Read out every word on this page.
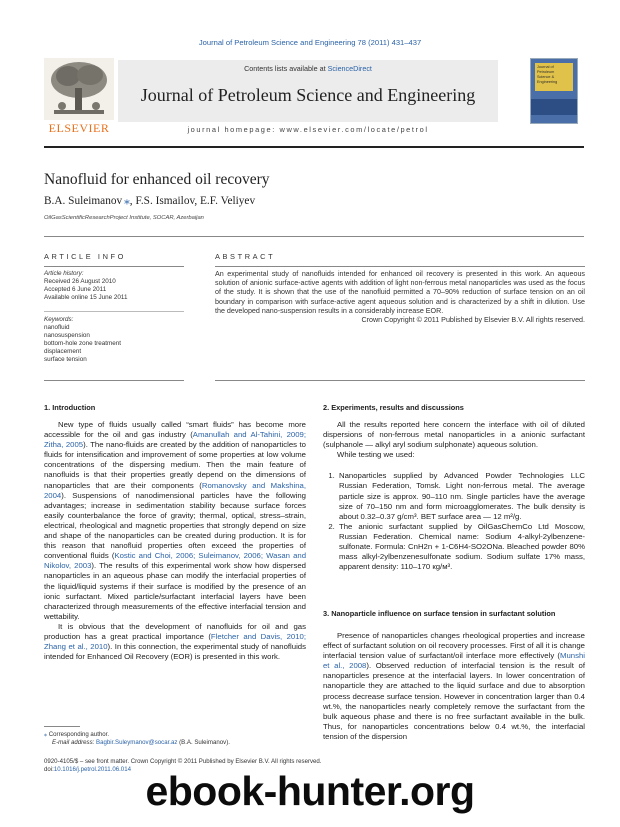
Journal of Petroleum Science and Engineering 78 (2011) 431–437
Contents lists available at ScienceDirect
Journal of Petroleum Science and Engineering
journal homepage: www.elsevier.com/locate/petrol
ELSEVIER
Journal of
Petroleum
Science &
Engineering
Nanofluid for enhanced oil recovery
B.A. Suleimanov ⁎, F.S. Ismailov, E.F. Veliyev
OilGasScientificResearchProject Institute, SOCAR, Azerbaijan
ARTICLE INFO
Article history:
Received 26 August 2010
Accepted 6 June 2011
Available online 15 June 2011
Keywords:
nanofluid
nanosuspension
bottom-hole zone treatment
displacement
surface tension
ABSTRACT
An experimental study of nanofluids intended for enhanced oil recovery is presented in this work. An aqueous solution of anionic surface-active agents with addition of light non-ferrous metal nanoparticles was used as the focus of the study. It is shown that the use of the nanofluid permitted a 70–90% reduction of surface tension on an oil boundary in comparison with surface-active agent aqueous solution and is characterized by a shift in dilution. Use the developed nano-suspension results in a considerably increase EOR.
Crown Copyright © 2011 Published by Elsevier B.V. All rights reserved.
1. Introduction

New type of fluids usually called “smart fluids” has become more accessible for the oil and gas industry (Amanullah and Al-Tahini, 2009; Zitha, 2005). The nano-fluids are created by the addition of nanoparticles to fluids for intensification and improvement of some properties at low volume concentrations of the dispersing medium. Then the main feature of nanofluids is that their properties greatly depend on the dimensions of nanoparticles that are their components (Romanovsky and Makshina, 2004). Suspensions of nanodimensional particles have the following advantages; increase in sedimentation stability because surface forces easily counterbalance the force of gravity; thermal, optical, stress–strain, electrical, rheological and magnetic properties that strongly depend on size and shape of the nanoparticles can be created during production. It is for this reason that nanofluid properties often exceed the properties of conventional fluids (Kostic and Choi, 2006; Suleimanov, 2006; Wasan and Nikolov, 2003). The results of this experimental work show how dispersed nanoparticles in an aqueous phase can modify the interfacial properties of the liquid/liquid systems if their surface is modified by the presence of an ionic surfactant. Mixed particle/surfactant interfacial layers have been characterized through measurements of the effective interfacial tension and wettability.

It is obvious that the development of nanofluids for oil and gas production has a great practical importance (Fletcher and Davis, 2010; Zhang et al., 2010). In this connection, the experimental study of nanofluids intended for Enhanced Oil Recovery (EOR) is presented in this work.

⁎ Corresponding author.
E-mail address: Bagbir.Suleymanov@socar.az (B.A. Suleimanov).
2. Experiments, results and discussions

All the results reported here concern the interface with oil of diluted dispersions of non-ferrous metal nanoparticles in a anionic surfactant (sulphanole — alkyl aryl sodium sulphonate) aqueous solution.

While testing we used:

1. Nanoparticles supplied by Advanced Powder Technologies LLC Russian Federation, Tomsk. Light non-ferrous metal. The average particle size is approx. 90–110 nm. Single particles have the average size of 70–150 nm and form microagglomerates. The bulk density is about 0.32–0.37 g/cm³. BET surface area — 12 m²/g.
2. The anionic surfactant supplied by OilGasChemCo Ltd Moscow, Russian Federation. Chemical name: Sodium 4-alkyl-2ylbenzene-sulfonate. Formula: CnH2n + 1-C6H4-SO2ONa. Bleached powder 80% mass alkyl-2ylbenzenesulfonate sodium. Sodium sulfate 17% mass, apparent density: 110–170 кg/м³.
3. Nanoparticle influence on surface tension in surfactant solution

Presence of nanoparticles changes rheological properties and increase effect of surfactant solution on oil recovery processes. First of all it is change interfacial tension value of surfactant/oil interface more effectively (Munshi et al., 2008). Observed reduction of interfacial tension is the result of nanoparticles presence at the interfacial layers. In lower concentration of nanoparticle they are attached to the liquid surface and due to absorption process decrease surface tension. However in concentration larger than 0.4 wt.%, the nanoparticles nearly completely remove the surfactant from the bulk aqueous phase and there is no free surfactant available in the bulk. Thus, for nanoparticles concentrations below 0.4 wt.%, the interfacial tension of the dispersion

0920-4105/$ – see front matter. Crown Copyright © 2011 Published by Elsevier B.V. All rights reserved.
doi:10.1016/j.petrol.2011.06.014 ebook-hunter.org
